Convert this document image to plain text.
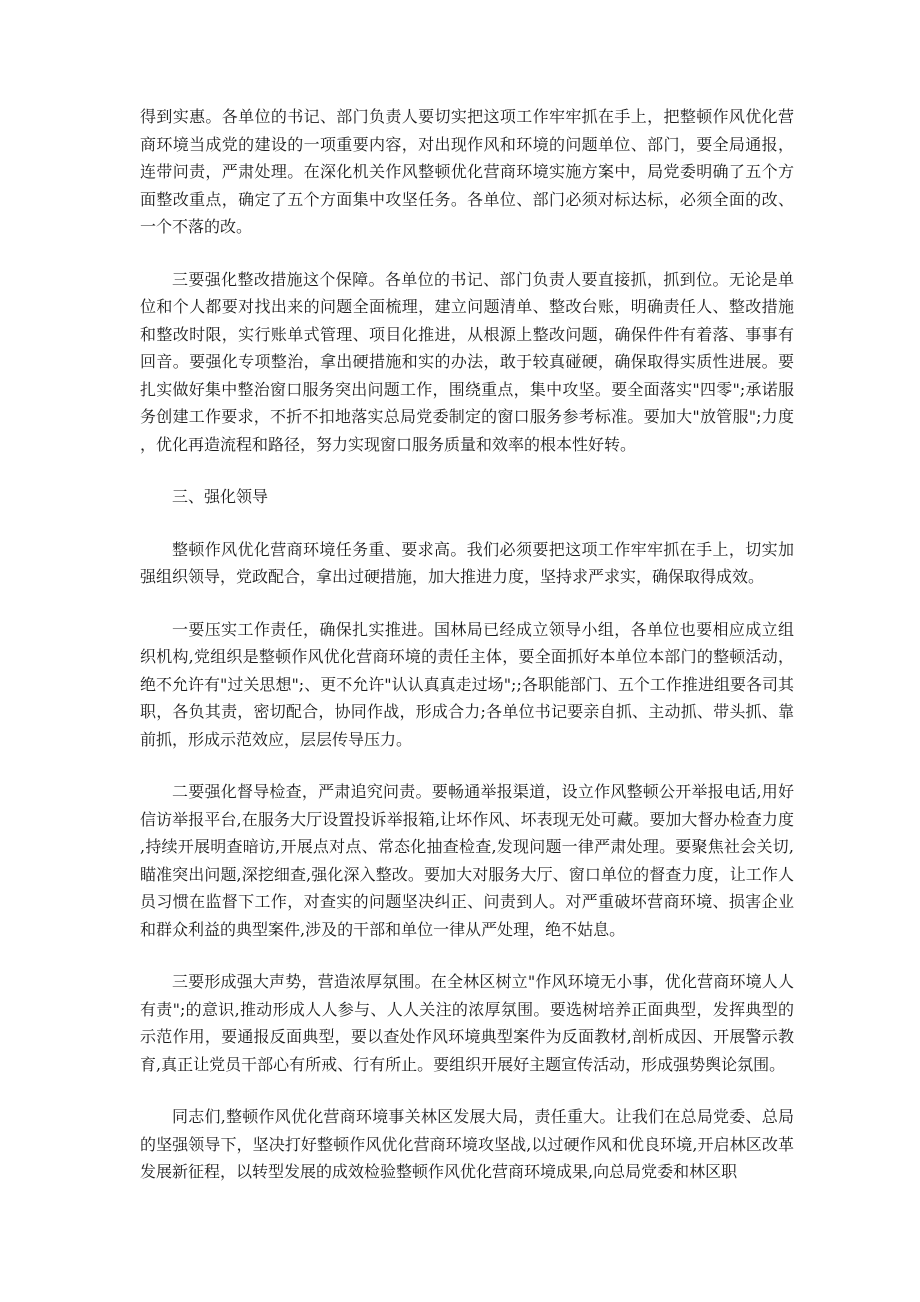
得到实惠。各单位的书记、部门负责人要切实把这项工作牢牢抓在手上，把整顿作风优化营商环境当成党的建设的一项重要内容，对出现作风和环境的问题单位、部门，要全局通报，连带问责，严肃处理。在深化机关作风整顿优化营商环境实施方案中，局党委明确了五个方面整改重点，确定了五个方面集中攻坚任务。各单位、部门必须对标达标，必须全面的改、一个不落的改。

三要强化整改措施这个保障。各单位的书记、部门负责人要直接抓，抓到位。无论是单位和个人都要对找出来的问题全面梳理，建立问题清单、整改台账，明确责任人、整改措施和整改时限，实行账单式管理、项目化推进，从根源上整改问题，确保件件有着落、事事有回音。要强化专项整治，拿出硬措施和实的办法，敢于较真碰硬，确保取得实质性进展。要扎实做好集中整治窗口服务突出问题工作，围绕重点，集中攻坚。要全面落实"四零";承诺服务创建工作要求，不折不扣地落实总局党委制定的窗口服务参考标准。要加大"放管服";力度，优化再造流程和路径，努力实现窗口服务质量和效率的根本性好转。

三、强化领导

整顿作风优化营商环境任务重、要求高。我们必须要把这项工作牢牢抓在手上，切实加强组织领导，党政配合，拿出过硬措施，加大推进力度，坚持求严求实，确保取得成效。

一要压实工作责任，确保扎实推进。国林局已经成立领导小组，各单位也要相应成立组织机构,党组织是整顿作风优化营商环境的责任主体，要全面抓好本单位本部门的整顿活动，绝不允许有"过关思想";、更不允许"认认真真走过场";;各职能部门、五个工作推进组要各司其职，各负其责，密切配合，协同作战，形成合力;各单位书记要亲自抓、主动抓、带头抓、靠前抓，形成示范效应，层层传导压力。

二要强化督导检查，严肃追究问责。要畅通举报渠道，设立作风整顿公开举报电话,用好信访举报平台,在服务大厅设置投诉举报箱,让坏作风、坏表现无处可藏。要加大督办检查力度,持续开展明查暗访,开展点对点、常态化抽查检查,发现问题一律严肃处理。要聚焦社会关切,瞄准突出问题,深挖细查,强化深入整改。要加大对服务大厅、窗口单位的督查力度，让工作人员习惯在监督下工作，对查实的问题坚决纠正、问责到人。对严重破坏营商环境、损害企业和群众利益的典型案件,涉及的干部和单位一律从严处理，绝不姑息。

三要形成强大声势，营造浓厚氛围。在全林区树立"作风环境无小事，优化营商环境人人有责";的意识,推动形成人人参与、人人关注的浓厚氛围。要选树培养正面典型，发挥典型的示范作用，要通报反面典型，要以查处作风环境典型案件为反面教材,剖析成因、开展警示教育,真正让党员干部心有所戒、行有所止。要组织开展好主题宣传活动，形成强势舆论氛围。

同志们,整顿作风优化营商环境事关林区发展大局，责任重大。让我们在总局党委、总局的坚强领导下，坚决打好整顿作风优化营商环境攻坚战,以过硬作风和优良环境,开启林区改革发展新征程，以转型发展的成效检验整顿作风优化营商环境成果,向总局党委和林区职
